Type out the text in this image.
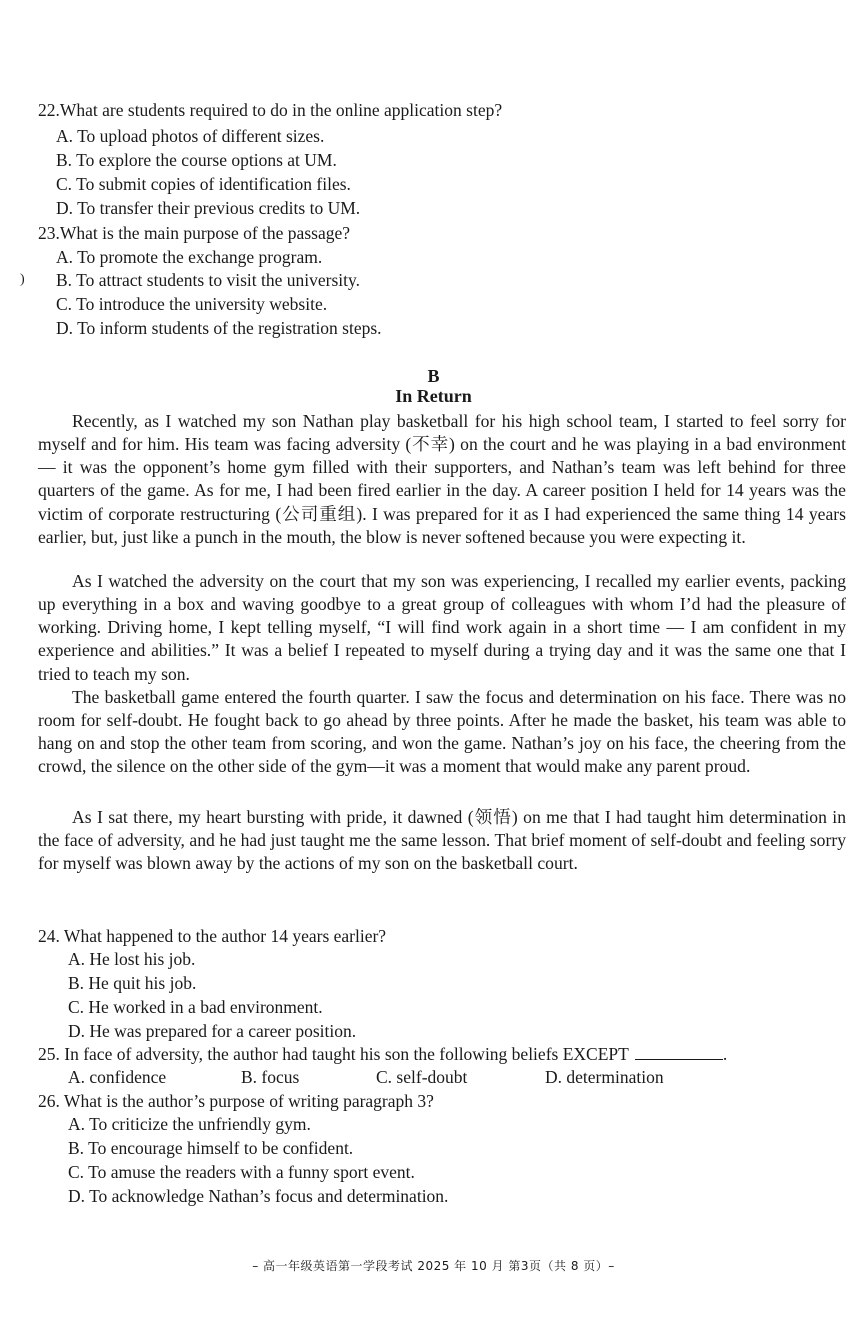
22.What are students required to do in the online application step?
A. To upload photos of different sizes.
B. To explore the course options at UM.
C. To submit copies of identification files.
D. To transfer their previous credits to UM.
23.What is the main purpose of the passage?
A. To promote the exchange program.
) B. To attract students to visit the university.
C. To introduce the university website.
D. To inform students of the registration steps.
B
In Return
Recently, as I watched my son Nathan play basketball for his high school team, I started to feel sorry for myself and for him. His team was facing adversity (不幸) on the court and he was playing in a bad environment — it was the opponent’s home gym filled with their supporters, and Nathan’s team was left behind for three quarters of the game. As for me, I had been fired earlier in the day. A career position I held for 14 years was the victim of corporate restructuring (公司重组). I was prepared for it as I had experienced the same thing 14 years earlier, but, just like a punch in the mouth, the blow is never softened because you were expecting it.
As I watched the adversity on the court that my son was experiencing, I recalled my earlier events, packing up everything in a box and waving goodbye to a great group of colleagues with whom I’d had the pleasure of working. Driving home, I kept telling myself, “I will find work again in a short time — I am confident in my experience and abilities.” It was a belief I repeated to myself during a trying day and it was the same one that I tried to teach my son.
The basketball game entered the fourth quarter. I saw the focus and determination on his face. There was no room for self-doubt. He fought back to go ahead by three points. After he made the basket, his team was able to hang on and stop the other team from scoring, and won the game. Nathan’s joy on his face, the cheering from the crowd, the silence on the other side of the gym—it was a moment that would make any parent proud.
As I sat there, my heart bursting with pride, it dawned (领悟) on me that I had taught him determination in the face of adversity, and he had just taught me the same lesson. That brief moment of self-doubt and feeling sorry for myself was blown away by the actions of my son on the basketball court.
24. What happened to the author 14 years earlier?
A. He lost his job.
B. He quit his job.
C. He worked in a bad environment.
D. He was prepared for a career position.
25. In face of adversity, the author had taught his son the following beliefs EXCEPT	.
A. confidence	B. focus	C. self-doubt	D. determination
26. What is the author’s purpose of writing paragraph 3?
A. To criticize the unfriendly gym.
B. To encourage himself to be confident.
C. To amuse the readers with a funny sport event.
D. To acknowledge Nathan’s focus and determination.
– 高一年级英语第一学段考试 2025 年 10 月 第3页（共 8 页）–
